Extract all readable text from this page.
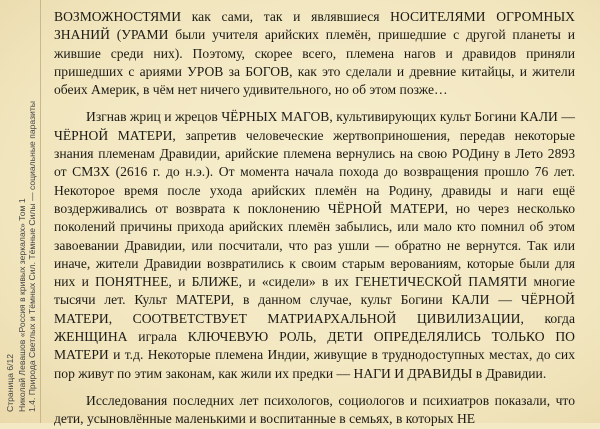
Страница 6/12 Николай Левашов «Россия в кривых зеркалах» Том 1 1.4. Природа Светлых и Тёмных Сил. Тёмные Силы — социальные паразиты

ВОЗМОЖНОСТЯМИ как сами, так и являвшиеся НОСИТЕЛЯМИ ОГРОМНЫХ ЗНАНИЙ (УРАМИ были учителя арийских племён, пришедшие с другой планеты и жившие среди них). Поэтому, скорее всего, племена нагов и дравидов приняли пришедших с ариями УРОВ за БОГОВ, как это сделали и древние китайцы, и жители обеих Америк, в чём нет ничего удивительного, но об этом позже…

Изгнав жриц и жрецов ЧЁРНЫХ МАГОВ, культивирующих культ Богини КАЛИ — ЧЁРНОЙ МАТЕРИ, запретив человеческие жертвоприношения, передав некоторые знания племенам Дравидии, арийские племена вернулись на свою РОДину в Лето 2893 от СМЗХ (2616 г. до н.э.). От момента начала похода до возвращения прошло 76 лет. Некоторое время после ухода арийских племён на Родину, дравиды и наги ещё воздерживались от возврата к поклонению ЧЁРНОЙ МАТЕРИ, но через несколько поколений причины прихода арийских племён забылись, или мало кто помнил об этом завоевании Дравидии, или посчитали, что раз ушли — обратно не вернутся. Так или иначе, жители Дравидии возвратились к своим старым верованиям, которые были для них и ПОНЯТНЕЕ, и БЛИЖЕ, и «сидели» в их ГЕНЕТИЧЕСКОЙ ПАМЯТИ многие тысячи лет. Культ МАТЕРИ, в данном случае, культ Богини КАЛИ — ЧЁРНОЙ МАТЕРИ, СООТВЕТСТВУЕТ МАТРИАРХАЛЬНОЙ ЦИВИЛИЗАЦИИ, когда ЖЕНЩИНА играла КЛЮЧЕВУЮ РОЛЬ, ДЕТИ ОПРЕДЕЛЯЛИСЬ ТОЛЬКО ПО МАТЕРИ и т.д. Некоторые племена Индии, живущие в труднодоступных местах, до сих пор живут по этим законам, как жили их предки — НАГИ И ДРАВИДЫ в Дравидии.

Исследования последних лет психологов, социологов и психиатров показали, что дети, усыновлённые маленькими и воспитанные в семьях, в которых НЕ
